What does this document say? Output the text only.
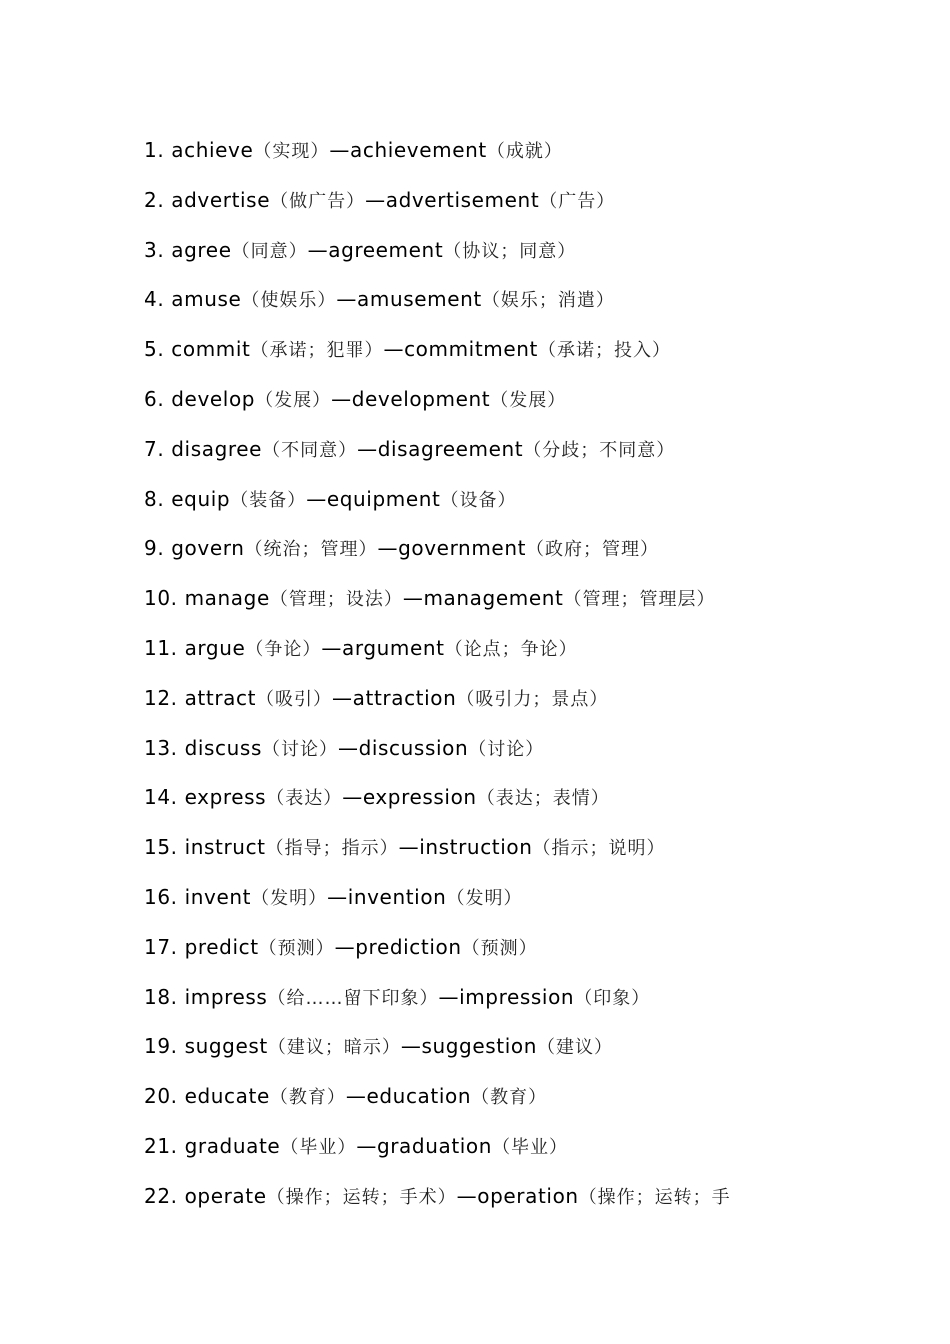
1. achieve（实现）—achievement（成就）
2. advertise（做广告）—advertisement（广告）
3. agree（同意）—agreement（协议；同意）
4. amuse（使娱乐）—amusement（娱乐；消遣）
5. commit（承诺；犯罪）—commitment（承诺；投入）
6. develop（发展）—development（发展）
7. disagree（不同意）—disagreement（分歧；不同意）
8. equip（装备）—equipment（设备）
9. govern（统治；管理）—government（政府；管理）
10. manage（管理；设法）—management（管理；管理层）
11. argue（争论）—argument（论点；争论）
12. attract（吸引）—attraction（吸引力；景点）
13. discuss（讨论）—discussion（讨论）
14. express（表达）—expression（表达；表情）
15. instruct（指导；指示）—instruction（指示；说明）
16. invent（发明）—invention（发明）
17. predict（预测）—prediction（预测）
18. impress（给……留下印象）—impression（印象）
19. suggest（建议；暗示）—suggestion（建议）
20. educate（教育）—education（教育）
21. graduate（毕业）—graduation（毕业）
22. operate（操作；运转；手术）—operation（操作；运转；手
